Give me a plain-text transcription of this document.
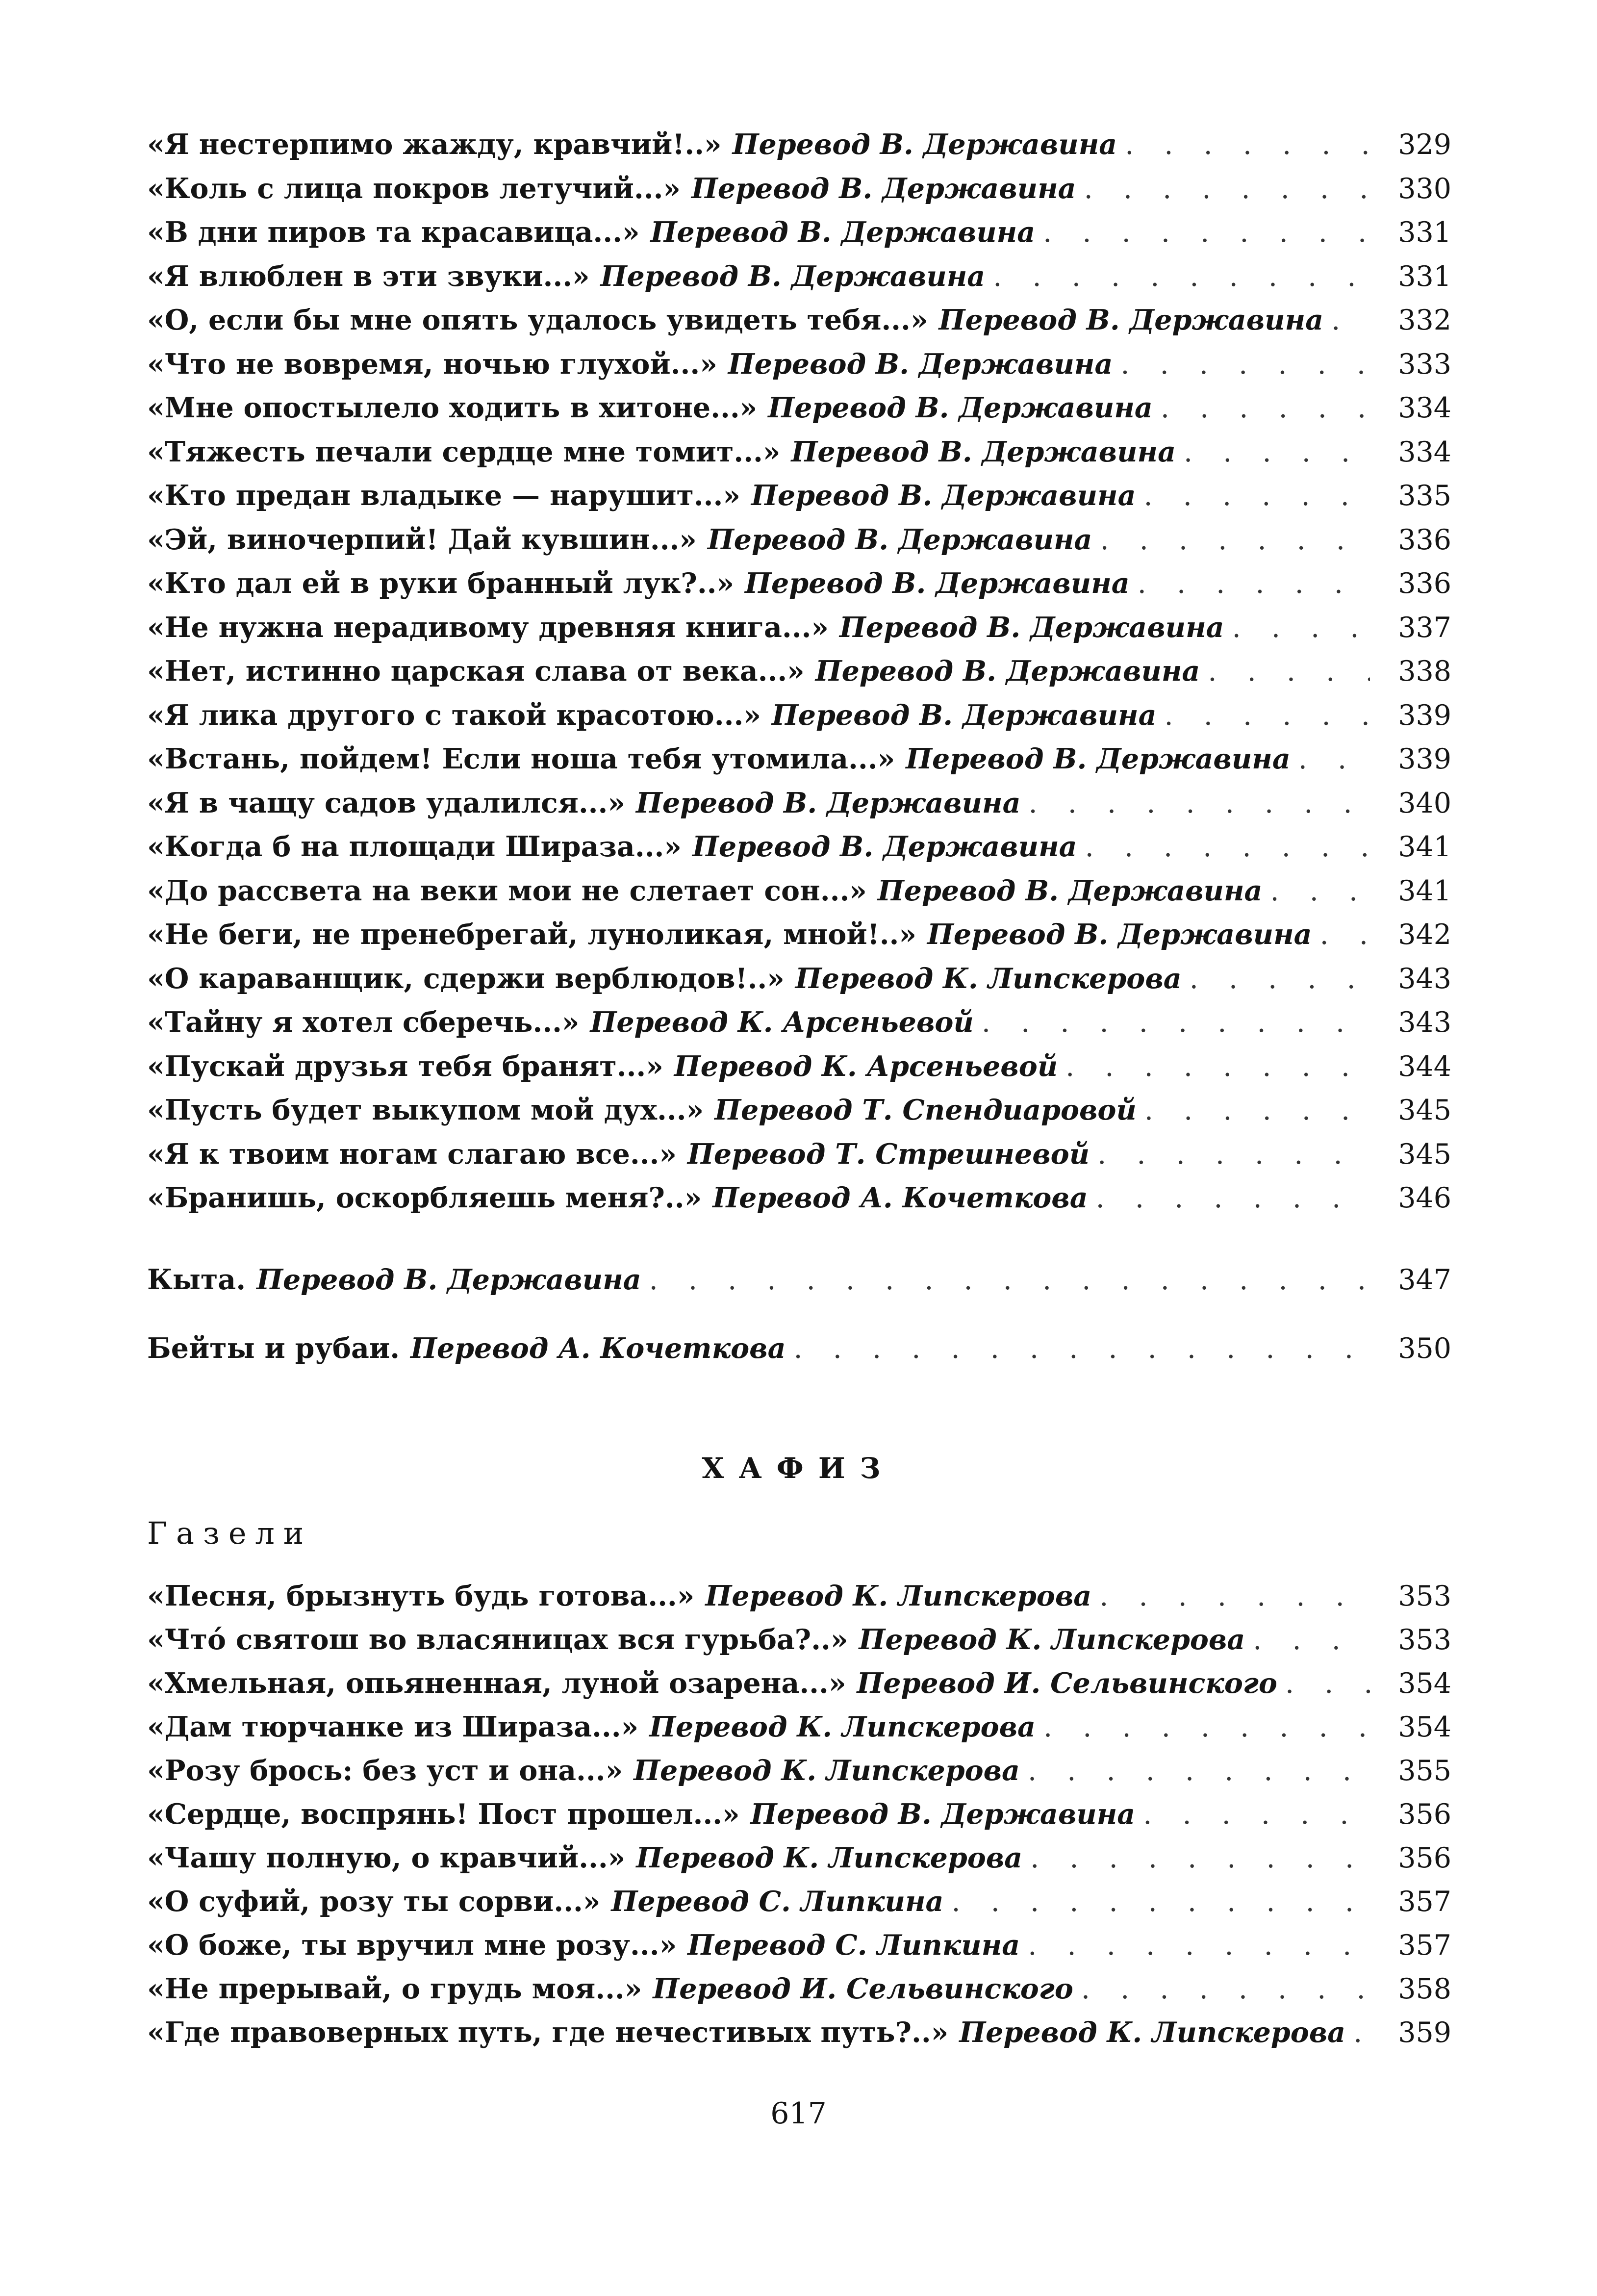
«Я нестерпимо жажду, кравчий!..» Перевод В. Державина . . .	329
«Коль с лица покров летучий...» Перевод В. Державина . . .	330
«В дни пиров та красавица...» Перевод В. Державина . . .	331
«Я влюблен в эти звуки...» Перевод В. Державина . . .	331
«О, если бы мне опять удалось увидеть тебя...» Перевод В. Державина . . .	332
«Что не вовремя, ночью глухой...» Перевод В. Державина . . .	333
«Мне опостылело ходить в хитоне...» Перевод В. Державина . . .	334
«Тяжесть печали сердце мне томит...» Перевод В. Державина . . .	334
«Кто предан владыке — нарушит...» Перевод В. Державина . . .	335
«Эй, виночерпий! Дай кувшин...» Перевод В. Державина . . .	336
«Кто дал ей в руки бранный лук?..» Перевод В. Державина . . .	336
«Не нужна нерадивому древняя книга...» Перевод В. Державина . . .	337
«Нет, истинно царская слава от века...» Перевод В. Державина . . .	338
«Я лика другого с такой красотою...» Перевод В. Державина . . .	339
«Встань, пойдем! Если ноша тебя утомила...» Перевод В. Державина . . .	339
«Я в чащу садов удалился...» Перевод В. Державина . . .	340
«Когда б на площади Шираза...» Перевод В. Державина . . .	341
«До рассвета на веки мои не слетает сон...» Перевод В. Державина . . .	341
«Не беги, не пренебрегай, луноликая, мной!..» Перевод В. Державина . . .	342
«О караванщик, сдержи верблюдов!..» Перевод К. Липскерова . . .	343
«Тайну я хотел сберечь...» Перевод К. Арсеньевой . . .	343
«Пускай друзья тебя бранят...» Перевод К. Арсеньевой . . .	344
«Пусть будет выкупом мой дух...» Перевод Т. Спендиаровой . . .	345
«Я к твоим ногам слагаю все...» Перевод Т. Стрешневой . . .	345
«Бранишь, оскорбляешь меня?..» Перевод А. Кочеткова . . .	346
Кыта. Перевод В. Державина . . .	347
Бейты и рубаи. Перевод А. Кочеткова . . .	350
ХАФИЗ
Газели
«Песня, брызнуть будь готова...» Перевод К. Липскерова . . .	353
«Что́ святош во власяницах вся гурьба?..» Перевод К. Липскерова . . .	353
«Хмельная, опьяненная, луной озарена...» Перевод И. Сельвинского . . .	354
«Дам тюрчанке из Шираза...» Перевод К. Липскерова . . .	354
«Розу брось: без уст и она...» Перевод К. Липскерова . . .	355
«Сердце, воспрянь! Пост прошел...» Перевод В. Державина . . .	356
«Чашу полную, о кравчий...» Перевод К. Липскерова . . .	356
«О суфий, розу ты сорви...» Перевод С. Липкина . . .	357
«О боже, ты вручил мне розу...» Перевод С. Липкина . . .	357
«Не прерывай, о грудь моя...» Перевод И. Сельвинского . . .	358
«Где правоверных путь, где нечестивых путь?..» Перевод К. Липскерова . . .	359
617
